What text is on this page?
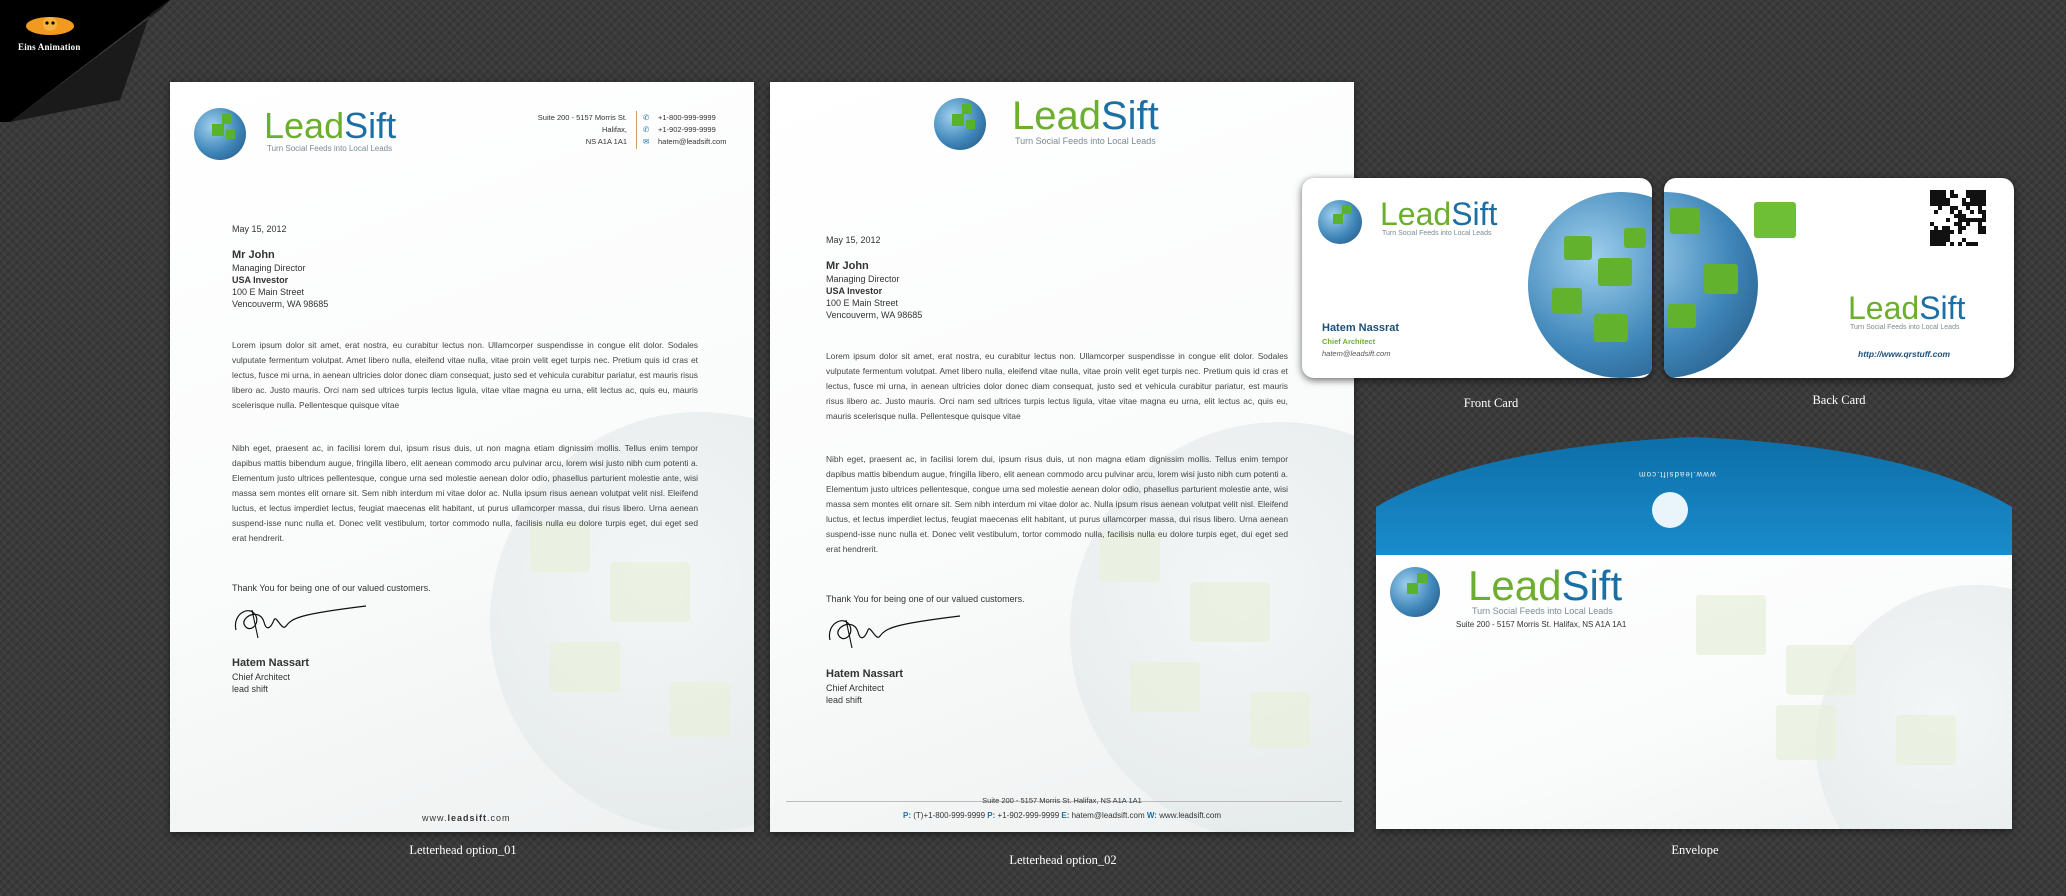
Eins Animation
LeadSift
Turn Social Feeds into Local Leads
Suite 200 - 5157 Morris St.
Halifax,
NS A1A 1A1
✆ +1-800-999-9999
✆ +1-902-999-9999
✉ hatem@leadsift.com
May 15, 2012
Mr John
Managing Director
USA Investor
100 E Main Street
Vencouverm, WA 98685
Lorem ipsum dolor sit amet, erat nostra, eu curabitur lectus non. Ullamcorper suspendisse in congue elit dolor. Sodales vulputate fermentum volutpat. Amet libero nulla, eleifend vitae nulla, vitae proin velit eget turpis nec. Pretium quis id cras et lectus, fusce mi urna, in aenean ultricies dolor donec diam consequat, justo sed et vehicula curabitur pariatur, est mauris risus libero ac. Justo mauris. Orci nam sed ultrices turpis lectus ligula, vitae vitae magna eu urna, elit lectus ac, quis eu, mauris scelerisque nulla. Pellentesque quisque vitae
Nibh eget, praesent ac, in facilisi lorem dui, ipsum risus duis, ut non magna etiam dignissim mollis. Tellus enim tempor dapibus mattis bibendum augue, fringilla libero, elit aenean commodo arcu pulvinar arcu, lorem wisi justo nibh cum potenti a. Elementum justo ultrices pellentesque, congue urna sed molestie aenean dolor odio, phasellus parturient molestie ante, wisi massa sem montes elit ornare sit. Sem nibh interdum mi vitae dolor ac. Nulla ipsum risus aenean volutpat velit nisl. Eleifend luctus, et lectus imperdiet lectus, feugiat maecenas elit habitant, ut purus ullamcorper massa, dui risus libero. Urna aenean suspend-isse nunc nulla et. Donec velit vestibulum, tortor commodo nulla, facilisis nulla eu dolore turpis eget, dui eget sed erat hendrerit.
Thank You for being one of our valued customers.
Hatem Nassart
Chief Architect
lead shift
www.leadsift.com
Letterhead option_01
LeadSift
Turn Social Feeds into Local Leads
May 15, 2012
Mr John
Managing Director
USA Investor
100 E Main Street
Vencouverm, WA 98685
Lorem ipsum dolor sit amet, erat nostra, eu curabitur lectus non. Ullamcorper suspendisse in congue elit dolor. Sodales vulputate fermentum volutpat. Amet libero nulla, eleifend vitae nulla, vitae proin velit eget turpis nec. Pretium quis id cras et lectus, fusce mi urna, in aenean ultricies dolor donec diam consequat, justo sed et vehicula curabitur pariatur, est mauris risus libero ac. Justo mauris. Orci nam sed ultrices turpis lectus ligula, vitae vitae magna eu urna, elit lectus ac, quis eu, mauris scelerisque nulla. Pellentesque quisque vitae
Nibh eget, praesent ac, in facilisi lorem dui, ipsum risus duis, ut non magna etiam dignissim mollis. Tellus enim tempor dapibus mattis bibendum augue, fringilla libero, elit aenean commodo arcu pulvinar arcu, lorem wisi justo nibh cum potenti a. Elementum justo ultrices pellentesque, congue urna sed molestie aenean dolor odio, phasellus parturient molestie ante, wisi massa sem montes elit ornare sit. Sem nibh interdum mi vitae dolor ac. Nulla ipsum risus aenean volutpat velit nisl. Eleifend luctus, et lectus imperdiet lectus, feugiat maecenas elit habitant, ut purus ullamcorper massa, dui risus libero. Urna aenean suspend-isse nunc nulla et. Donec velit vestibulum, tortor commodo nulla, facilisis nulla eu dolore turpis eget, dui eget sed erat hendrerit.
Thank You for being one of our valued customers.
Hatem Nassart
Chief Architect
lead shift
Suite 200 - 5157 Morris St. Halifax, NS A1A 1A1
P: (T)+1-800-999-9999 P: +1-902-999-9999 E: hatem@leadsift.com W: www.leadsift.com
Letterhead option_02
LeadSift
Turn Social Feeds into Local Leads
Hatem Nassrat
Chief Architect
hatem@leadsift.com
Front Card
LeadSift
Turn Social Feeds into Local Leads
http://www.qrstuff.com
Back Card
LeadSift
Turn Social Feeds into Local Leads
Suite 200 - 5157 Morris St. Halifax, NS A1A 1A1
www.leadsift.com
Envelope
